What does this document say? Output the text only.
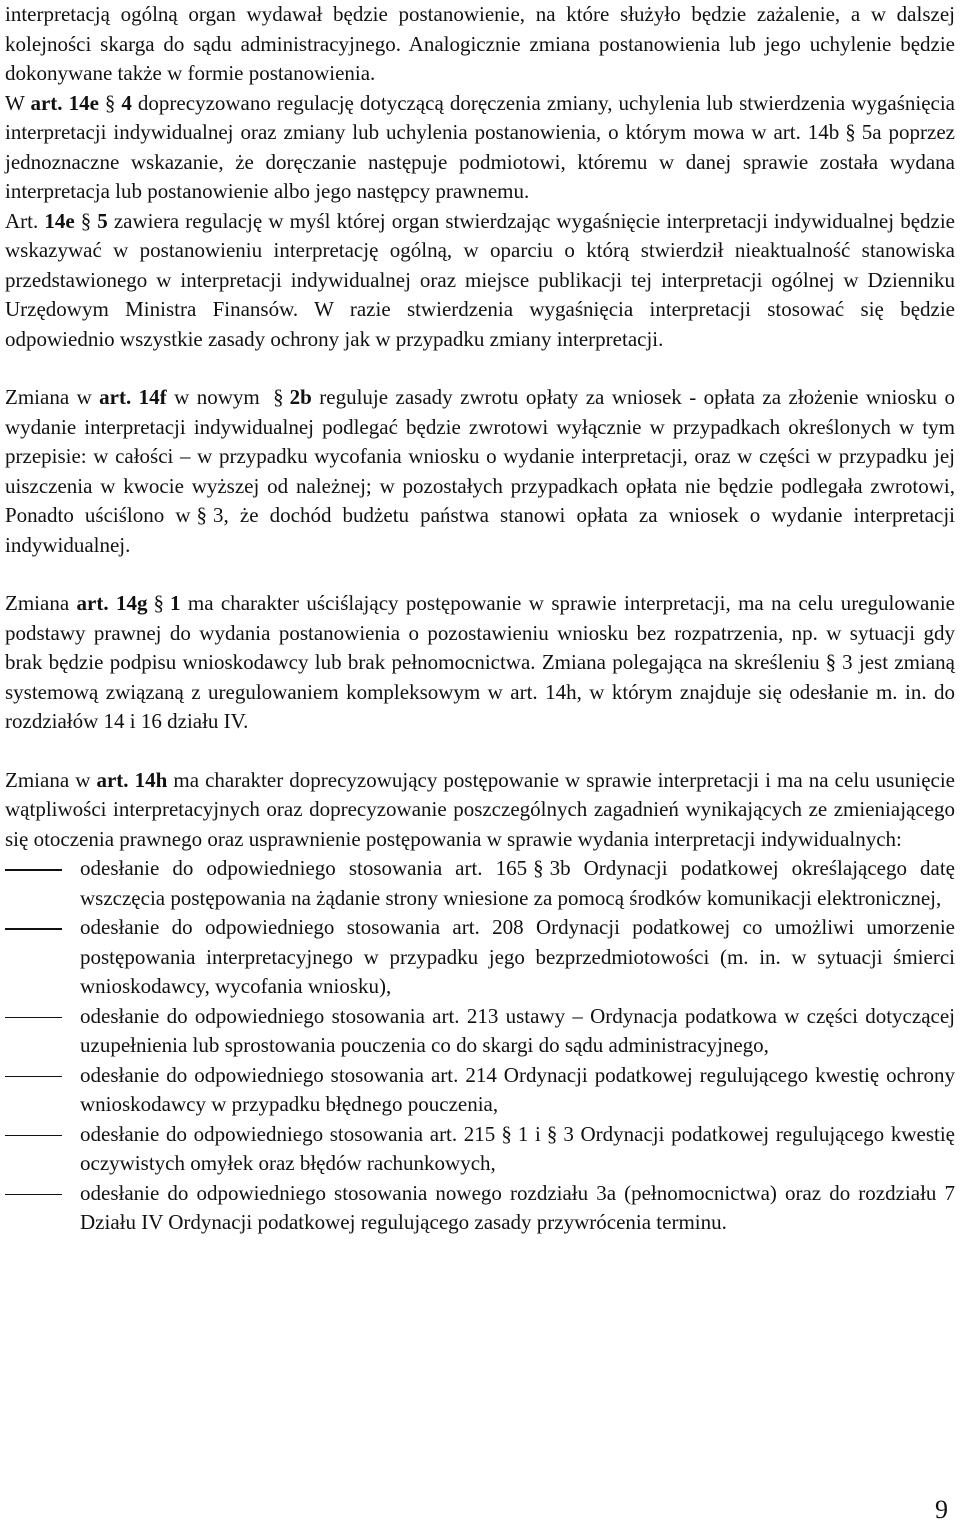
interpretacją ogólną organ wydawał będzie postanowienie, na które służyło będzie zażalenie, a w dalszej kolejności skarga do sądu administracyjnego. Analogicznie zmiana postanowienia lub jego uchylenie będzie dokonywane także w formie postanowienia.

W art. 14e § 4 doprecyzowano regulację dotyczącą doręczenia zmiany, uchylenia lub stwierdzenia wygaśnięcia interpretacji indywidualnej oraz zmiany lub uchylenia postanowienia, o którym mowa w art. 14b § 5a poprzez jednoznaczne wskazanie, że doręczanie następuje podmiotowi, któremu w danej sprawie została wydana interpretacja lub postanowienie albo jego następcy prawnemu.

Art. 14e § 5 zawiera regulację w myśl której organ stwierdzając wygaśnięcie interpretacji indywidualnej będzie wskazywać w postanowieniu interpretację ogólną, w oparciu o którą stwierdził nieaktualność stanowiska przedstawionego w interpretacji indywidualnej oraz miejsce publikacji tej interpretacji ogólnej w Dzienniku Urzędowym Ministra Finansów. W razie stwierdzenia wygaśnięcia interpretacji stosować się będzie odpowiednio wszystkie zasady ochrony jak w przypadku zmiany interpretacji.

Zmiana w art. 14f w nowym § 2b reguluje zasady zwrotu opłaty za wniosek - opłata za złożenie wniosku o wydanie interpretacji indywidualnej podlegać będzie zwrotowi wyłącznie w przypadkach określonych w tym przepisie: w całości – w przypadku wycofania wniosku o wydanie interpretacji, oraz w części w przypadku jej uiszczenia w kwocie wyższej od należnej; w pozostałych przypadkach opłata nie będzie podlegała zwrotowi, Ponadto uściślono w § 3, że dochód budżetu państwa stanowi opłata za wniosek o wydanie interpretacji indywidualnej.

Zmiana art. 14g § 1 ma charakter uściślający postępowanie w sprawie interpretacji, ma na celu uregulowanie podstawy prawnej do wydania postanowienia o pozostawieniu wniosku bez rozpatrzenia, np. w sytuacji gdy brak będzie podpisu wnioskodawcy lub brak pełnomocnictwa. Zmiana polegająca na skreśleniu § 3 jest zmianą systemową związaną z uregulowaniem kompleksowym w art. 14h, w którym znajduje się odesłanie m. in. do rozdziałów 14 i 16 działu IV.

Zmiana w art. 14h ma charakter doprecyzowujący postępowanie w sprawie interpretacji i ma na celu usunięcie wątpliwości interpretacyjnych oraz doprecyzowanie poszczególnych zagadnień wynikających ze zmieniającego się otoczenia prawnego oraz usprawnienie postępowania w sprawie wydania interpretacji indywidualnych:

odesłanie do odpowiedniego stosowania art. 165 § 3b Ordynacji podatkowej określającego datę wszczęcia postępowania na żądanie strony wniesione za pomocą środków komunikacji elektronicznej,
odesłanie do odpowiedniego stosowania art. 208 Ordynacji podatkowej co umożliwi umorzenie postępowania interpretacyjnego w przypadku jego bezprzedmiotowości (m. in. w sytuacji śmierci wnioskodawcy, wycofania wniosku),
odesłanie do odpowiedniego stosowania art. 213 ustawy – Ordynacja podatkowa w części dotyczącej uzupełnienia lub sprostowania pouczenia co do skargi do sądu administracyjnego,
odesłanie do odpowiedniego stosowania art. 214 Ordynacji podatkowej regulującego kwestię ochrony wnioskodawcy w przypadku błędnego pouczenia,
odesłanie do odpowiedniego stosowania art. 215 § 1 i § 3 Ordynacji podatkowej regulującego kwestię oczywistych omyłek oraz błędów rachunkowych,
odesłanie do odpowiedniego stosowania nowego rozdziału 3a (pełnomocnictwa) oraz do rozdziału 7 Działu IV Ordynacji podatkowej regulującego zasady przywrócenia terminu.
9
